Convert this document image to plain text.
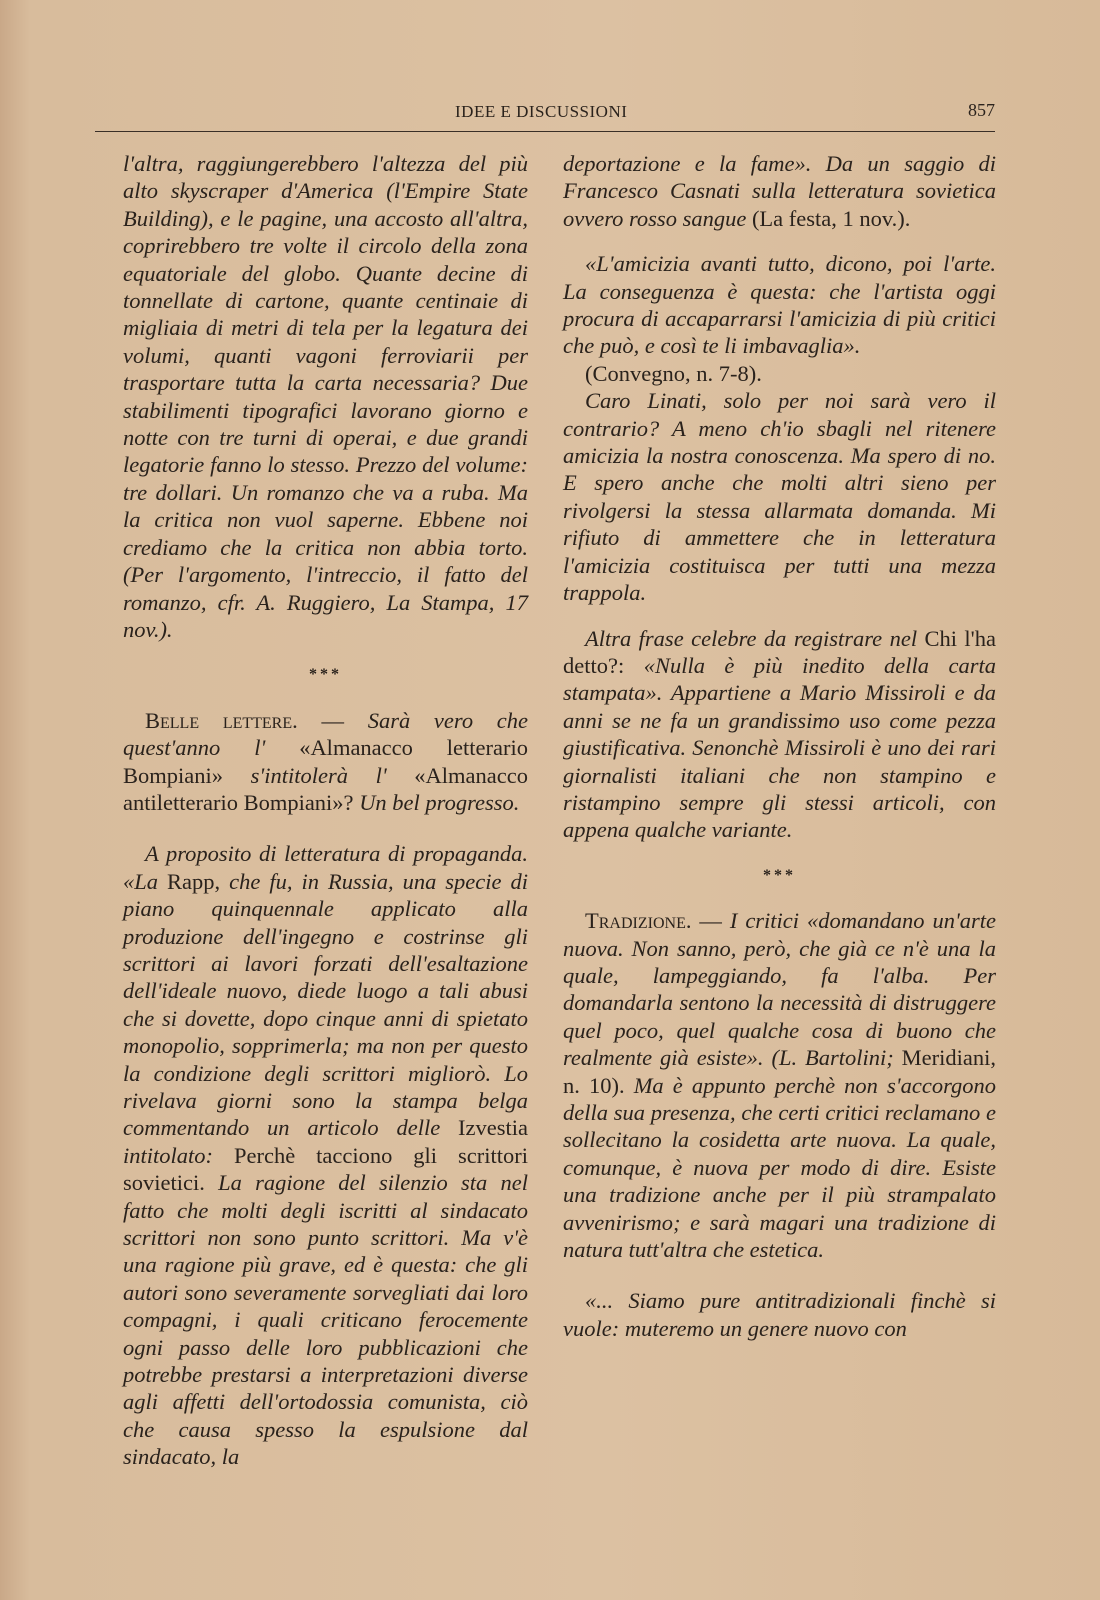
IDEE E DISCUSSIONI	857

l'altra, raggiungerebbero l'altezza del più alto skyscraper d'America (l'Empire State Building), e le pagine, una accosto all'altra, coprirebbero tre volte il circolo della zona equatoriale del globo. Quante decine di tonnellate di cartone, quante centinaie di migliaia di metri di tela per la legatura dei volumi, quanti vagoni ferroviarii per trasportare tutta la carta necessaria? Due stabilimenti tipografici lavorano giorno e notte con tre turni di operai, e due grandi legatorie fanno lo stesso. Prezzo del volume: tre dollari. Un romanzo che va a ruba. Ma la critica non vuol saperne. Ebbene noi crediamo che la critica non abbia torto. (Per l'argomento, l'intreccio, il fatto del romanzo, cfr. A. Ruggiero, La Stampa, 17 nov.).

***

Belle lettere. — Sarà vero che quest'anno l' «Almanacco letterario Bompiani» s'intitolerà l' «Almanacco antiletterario Bompiani»? Un bel progresso.

A proposito di letteratura di propaganda. «La Rapp, che fu, in Russia, una specie di piano quinquennale applicato alla produzione dell'ingegno e costrinse gli scrittori ai lavori forzati dell'esaltazione dell'ideale nuovo, diede luogo a tali abusi che si dovette, dopo cinque anni di spietato monopolio, sopprimerla; ma non per questo la condizione degli scrittori migliorò. Lo rivelava giorni sono la stampa belga commentando un articolo delle Izvestia intitolato: Perchè tacciono gli scrittori sovietici. La ragione del silenzio sta nel fatto che molti degli iscritti al sindacato scrittori non sono punto scrittori. Ma v'è una ragione più grave, ed è questa: che gli autori sono severamente sorvegliati dai loro compagni, i quali criticano ferocemente ogni passo delle loro pubblicazioni che potrebbe prestarsi a interpretazioni diverse agli affetti dell'ortodossia comunista, ciò che causa spesso la espulsione dal sindacato, la

deportazione e la fame». Da un saggio di Francesco Casnati sulla letteratura sovietica ovvero rosso sangue (La festa, 1 nov.).

«L'amicizia avanti tutto, dicono, poi l'arte. La conseguenza è questa: che l'artista oggi procura di accaparrarsi l'amicizia di più critici che può, e così te li imbavaglia».

(Convegno, n. 7-8).

Caro Linati, solo per noi sarà vero il contrario? A meno ch'io sbagli nel ritenere amicizia la nostra conoscenza. Ma spero di no. E spero anche che molti altri sieno per rivolgersi la stessa allarmata domanda. Mi rifiuto di ammettere che in letteratura l'amicizia costituisca per tutti una mezza trappola.

Altra frase celebre da registrare nel Chi l'ha detto?: «Nulla è più inedito della carta stampata». Appartiene a Mario Missiroli e da anni se ne fa un grandissimo uso come pezza giustificativa. Senonchè Missiroli è uno dei rari giornalisti italiani che non stampino e ristampino sempre gli stessi articoli, con appena qualche variante.

***

Tradizione. — I critici «domandano un'arte nuova. Non sanno, però, che già ce n'è una la quale, lampeggiando, fa l'alba. Per domandarla sentono la necessità di distruggere quel poco, quel qualche cosa di buono che realmente già esiste». (L. Bartolini; Meridiani, n. 10). Ma è appunto perchè non s'accorgono della sua presenza, che certi critici reclamano e sollecitano la cosidetta arte nuova. La quale, comunque, è nuova per modo di dire. Esiste una tradizione anche per il più strampalato avvenirismo; e sarà magari una tradizione di natura tutt'altra che estetica.

«... Siamo pure antitradizionali finchè si vuole: muteremo un genere nuovo con
